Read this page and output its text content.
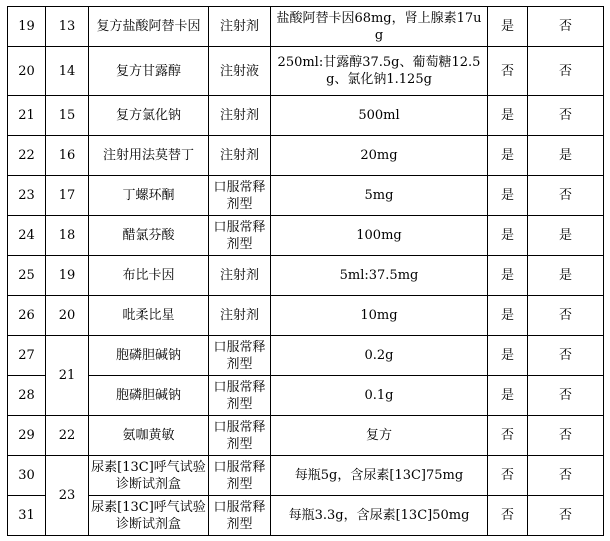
19	13	复方盐酸阿替卡因	注射剂	盐酸阿替卡因68mg，肾上腺素17ug	是	否
20	14	复方甘露醇	注射液	250ml:甘露醇37.5g、葡萄糖12.5g、氯化钠1.125g	否	否
21	15	复方氯化钠	注射剂	500ml	是	否
22	16	注射用法莫替丁	注射剂	20mg	是	是
23	17	丁螺环酮	口服常释剂型	5mg	是	否
24	18	醋氯芬酸	口服常释剂型	100mg	是	是
25	19	布比卡因	注射剂	5ml:37.5mg	是	是
26	20	吡柔比星	注射剂	10mg	是	否
27	21	胞磷胆碱钠	口服常释剂型	0.2g	是	否
28		胞磷胆碱钠	口服常释剂型	0.1g	是	否
29	22	氨咖黄敏	口服常释剂型	复方	否	否
30	23	尿素[13C]呼气试验诊断试剂盒	口服常释剂型	每瓶5g，含尿素[13C]75mg	否	否
31		尿素[13C]呼气试验诊断试剂盒	口服常释剂型	每瓶3.3g，含尿素[13C]50mg	否	否
